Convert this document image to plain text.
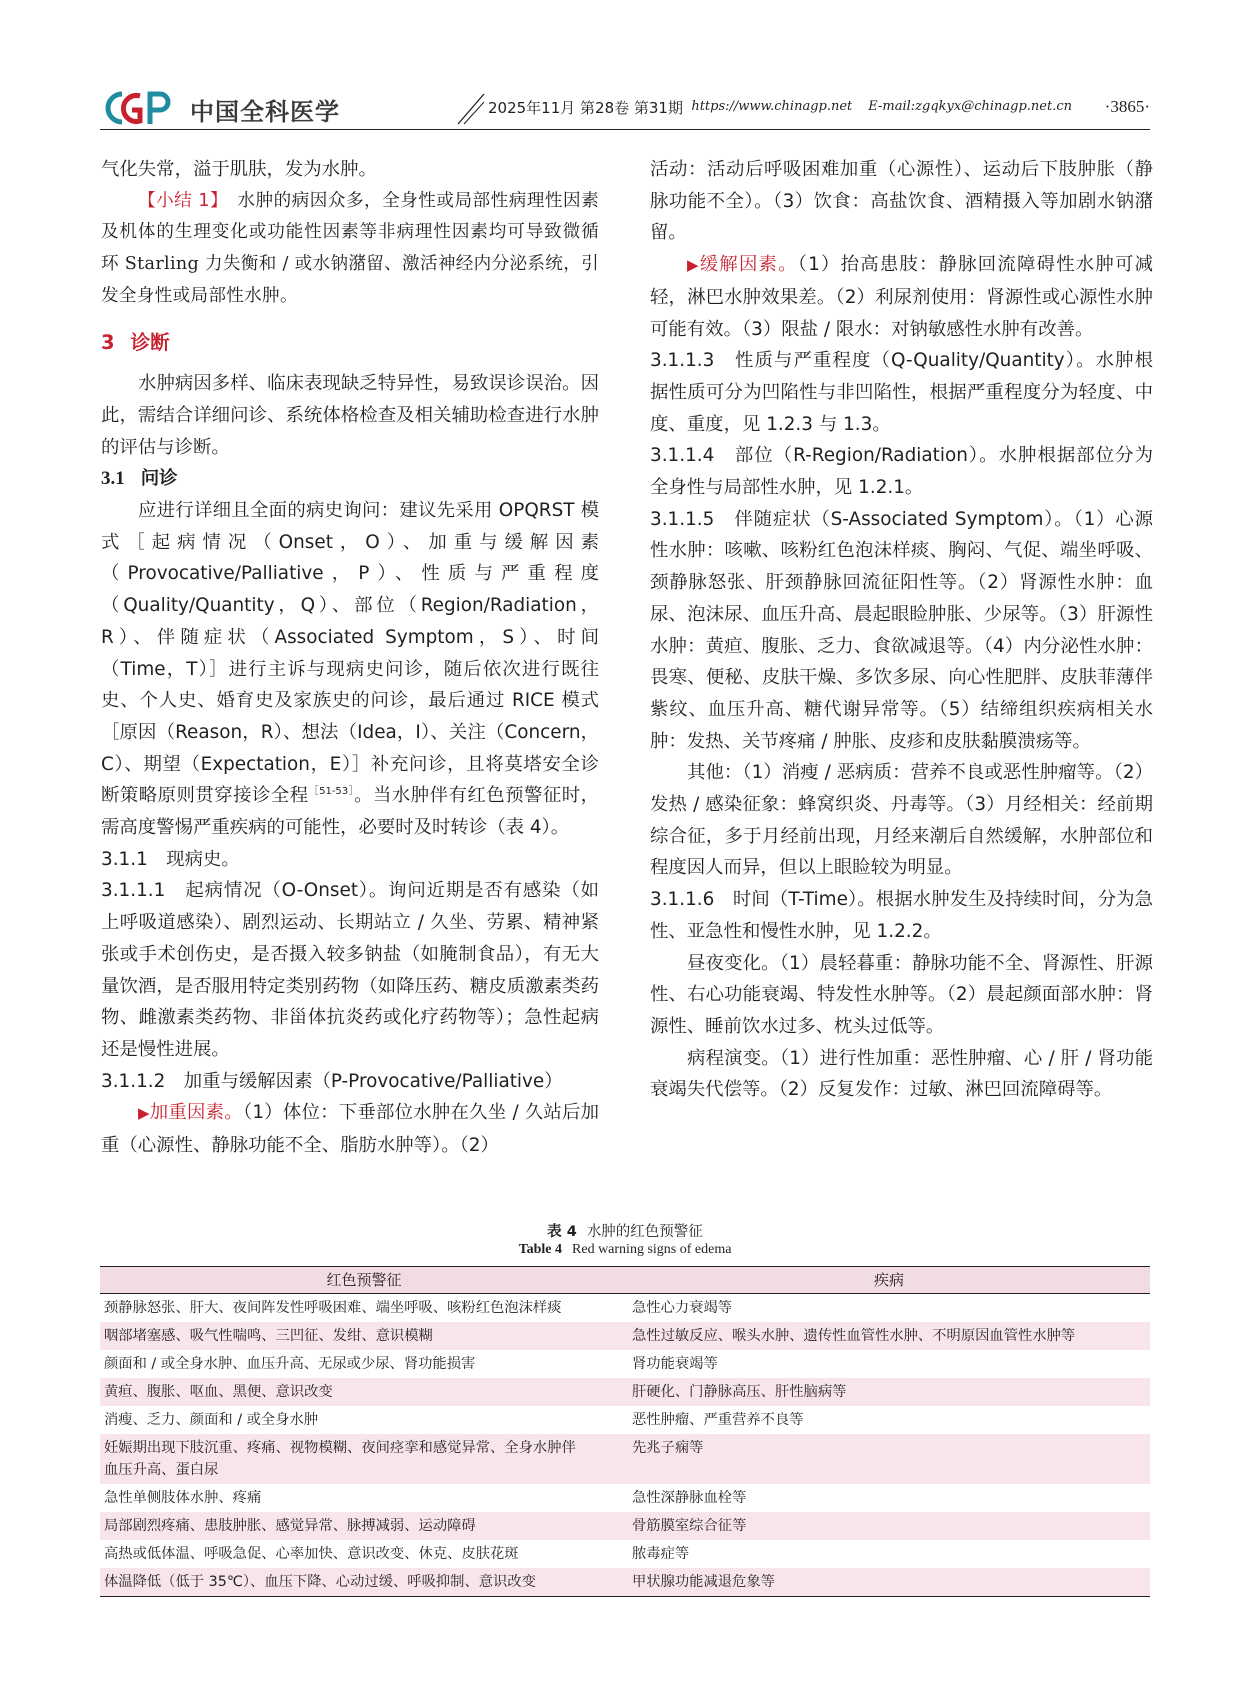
中国全科医学	2025年11月 第28卷 第31期 https://www.chinagp.net E-mail:zgqkyx@chinagp.net.cn ·3865·

气化失常，溢于肌肤，发为水肿。

【小结 1】　 水肿的病因众多，全身性或局部性病理性因素及机体的生理变化或功能性因素等非病理性因素均可导致微循环 Starling 力失衡和 / 或水钠潴留、激活神经内分泌系统，引发全身性或局部性水肿。

3 诊断

水肿病因多样、临床表现缺乏特异性，易致误诊误治。因此，需结合详细问诊、系统体格检查及相关辅助检查进行水肿的评估与诊断。

3.1 问诊

应进行详细且全面的病史询问：建议先采用 OPQRST 模式［起病情况（Onset，O）、加重与缓解因素（Provocative/Palliative，P）、性质与严重程度（Quality/Quantity，Q）、部位（Region/Radiation，R）、伴随症状（Associated Symptom，S）、时间（Time，T）］进行主诉与现病史问诊，随后依次进行既往史、个人史、婚育史及家族史的问诊，最后通过 RICE 模式［原因（Reason，R）、想法（Idea，I）、关注（Concern，C）、期望（Expectation，E）］补充问诊，且将莫塔安全诊断策略原则贯穿接诊全程$^{[51-53]}$。当水肿伴有红色预警征时，需高度警惕严重疾病的可能性，必要时及时转诊（表 4）。

3.1.1　现病史。

3.1.1.1　起病情况（O-Onset）。询问近期是否有感染（如上呼吸道感染）、剧烈运动、长期站立 / 久坐、劳累、精神紧张或手术创伤史，是否摄入较多钠盐（如腌制食品），有无大量饮酒，是否服用特定类别药物（如降压药、糖皮质激素类药物、雌激素类药物、非甾体抗炎药或化疗药物等）；急性起病还是慢性进展。

3.1.1.2　加重与缓解因素（P-Provocative/Palliative）

▶加重因素。（1）体位：下垂部位水肿在久坐 / 久站后加重（心源性、静脉功能不全、脂肪水肿等）。（2）

活动：活动后呼吸困难加重（心源性）、运动后下肢肿胀（静脉功能不全）。（3）饮食：高盐饮食、酒精摄入等加剧水钠潴留。

▶缓解因素。（1）抬高患肢：静脉回流障碍性水肿可减轻，淋巴水肿效果差。（2）利尿剂使用：肾源性或心源性水肿可能有效。（3）限盐 / 限水：对钠敏感性水肿有改善。

3.1.1.3　性质与严重程度（Q-Quality/Quantity）。水肿根据性质可分为凹陷性与非凹陷性，根据严重程度分为轻度、中度、重度，见 1.2.3 与 1.3。

3.1.1.4　部位（R-Region/Radiation）。水肿根据部位分为全身性与局部性水肿，见 1.2.1。

3.1.1.5　伴随症状（S-Associated Symptom）。（1）心源性水肿：咳嗽、咳粉红色泡沫样痰、胸闷、气促、端坐呼吸、颈静脉怒张、肝颈静脉回流征阳性等。（2）肾源性水肿：血尿、泡沫尿、血压升高、晨起眼睑肿胀、少尿等。（3）肝源性水肿：黄疸、腹胀、乏力、食欲减退等。（4）内分泌性水肿：畏寒、便秘、皮肤干燥、多饮多尿、向心性肥胖、皮肤菲薄伴紫纹、血压升高、糖代谢异常等。（5）结缔组织疾病相关水肿：发热、关节疼痛 / 肿胀、皮疹和皮肤黏膜溃疡等。

其他：（1）消瘦 / 恶病质：营养不良或恶性肿瘤等。（2）发热 / 感染征象：蜂窝织炎、丹毒等。（3）月经相关：经前期综合征，多于月经前出现，月经来潮后自然缓解，水肿部位和程度因人而异，但以上眼睑较为明显。

3.1.1.6　时间（T-Time）。根据水肿发生及持续时间，分为急性、亚急性和慢性水肿，见 1.2.2。

昼夜变化。（1）晨轻暮重：静脉功能不全、肾源性、肝源性、右心功能衰竭、特发性水肿等。（2）晨起颜面部水肿：肾源性、睡前饮水过多、枕头过低等。

病程演变。（1）进行性加重：恶性肿瘤、心 / 肝 / 肾功能衰竭失代偿等。（2）反复发作：过敏、淋巴回流障碍等。

表 4 水肿的红色预警征
Table 4 Red warning signs of edema
红色预警征	疾病
颈静脉怒张、肝大、夜间阵发性呼吸困难、端坐呼吸、咳粉红色泡沫样痰	急性心力衰竭等
咽部堵塞感、吸气性喘鸣、三凹征、发绀、意识模糊	急性过敏反应、喉头水肿、遗传性血管性水肿、不明原因血管性水肿等
颜面和 / 或全身水肿、血压升高、无尿或少尿、肾功能损害	肾功能衰竭等
黄疸、腹胀、呕血、黑便、意识改变	肝硬化、门静脉高压、肝性脑病等
消瘦、乏力、颜面和 / 或全身水肿	恶性肿瘤、严重营养不良等
妊娠期出现下肢沉重、疼痛、视物模糊、夜间痉挛和感觉异常、全身水肿伴血压升高、蛋白尿	先兆子痫等
急性单侧肢体水肿、疼痛	急性深静脉血栓等
局部剧烈疼痛、患肢肿胀、感觉异常、脉搏减弱、运动障碍	骨筋膜室综合征等
高热或低体温、呼吸急促、心率加快、意识改变、休克、皮肤花斑	脓毒症等
体温降低（低于 35℃）、血压下降、心动过缓、呼吸抑制、意识改变	甲状腺功能减退危象等
